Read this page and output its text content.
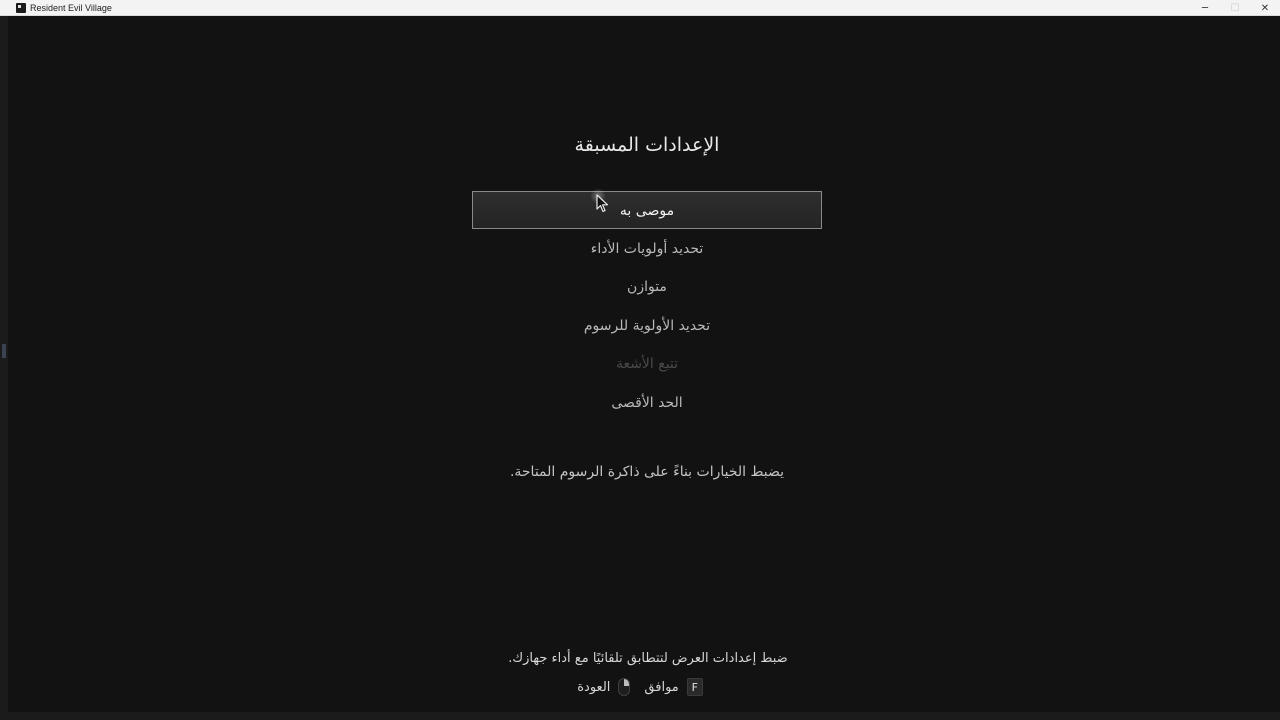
Resident Evil Village	─	☐	✕
الإعدادات المسبقة
موصى به
تحديد أولويات الأداء
متوازن
تحديد الأولوية للرسوم
تتبع الأشعة
الحد الأقصى
يضبط الخيارات بناءً على ذاكرة الرسوم المتاحة.
ضبط إعدادات العرض لتتطابق تلقائيًا مع أداء جهازك.
F
موافق
العودة
